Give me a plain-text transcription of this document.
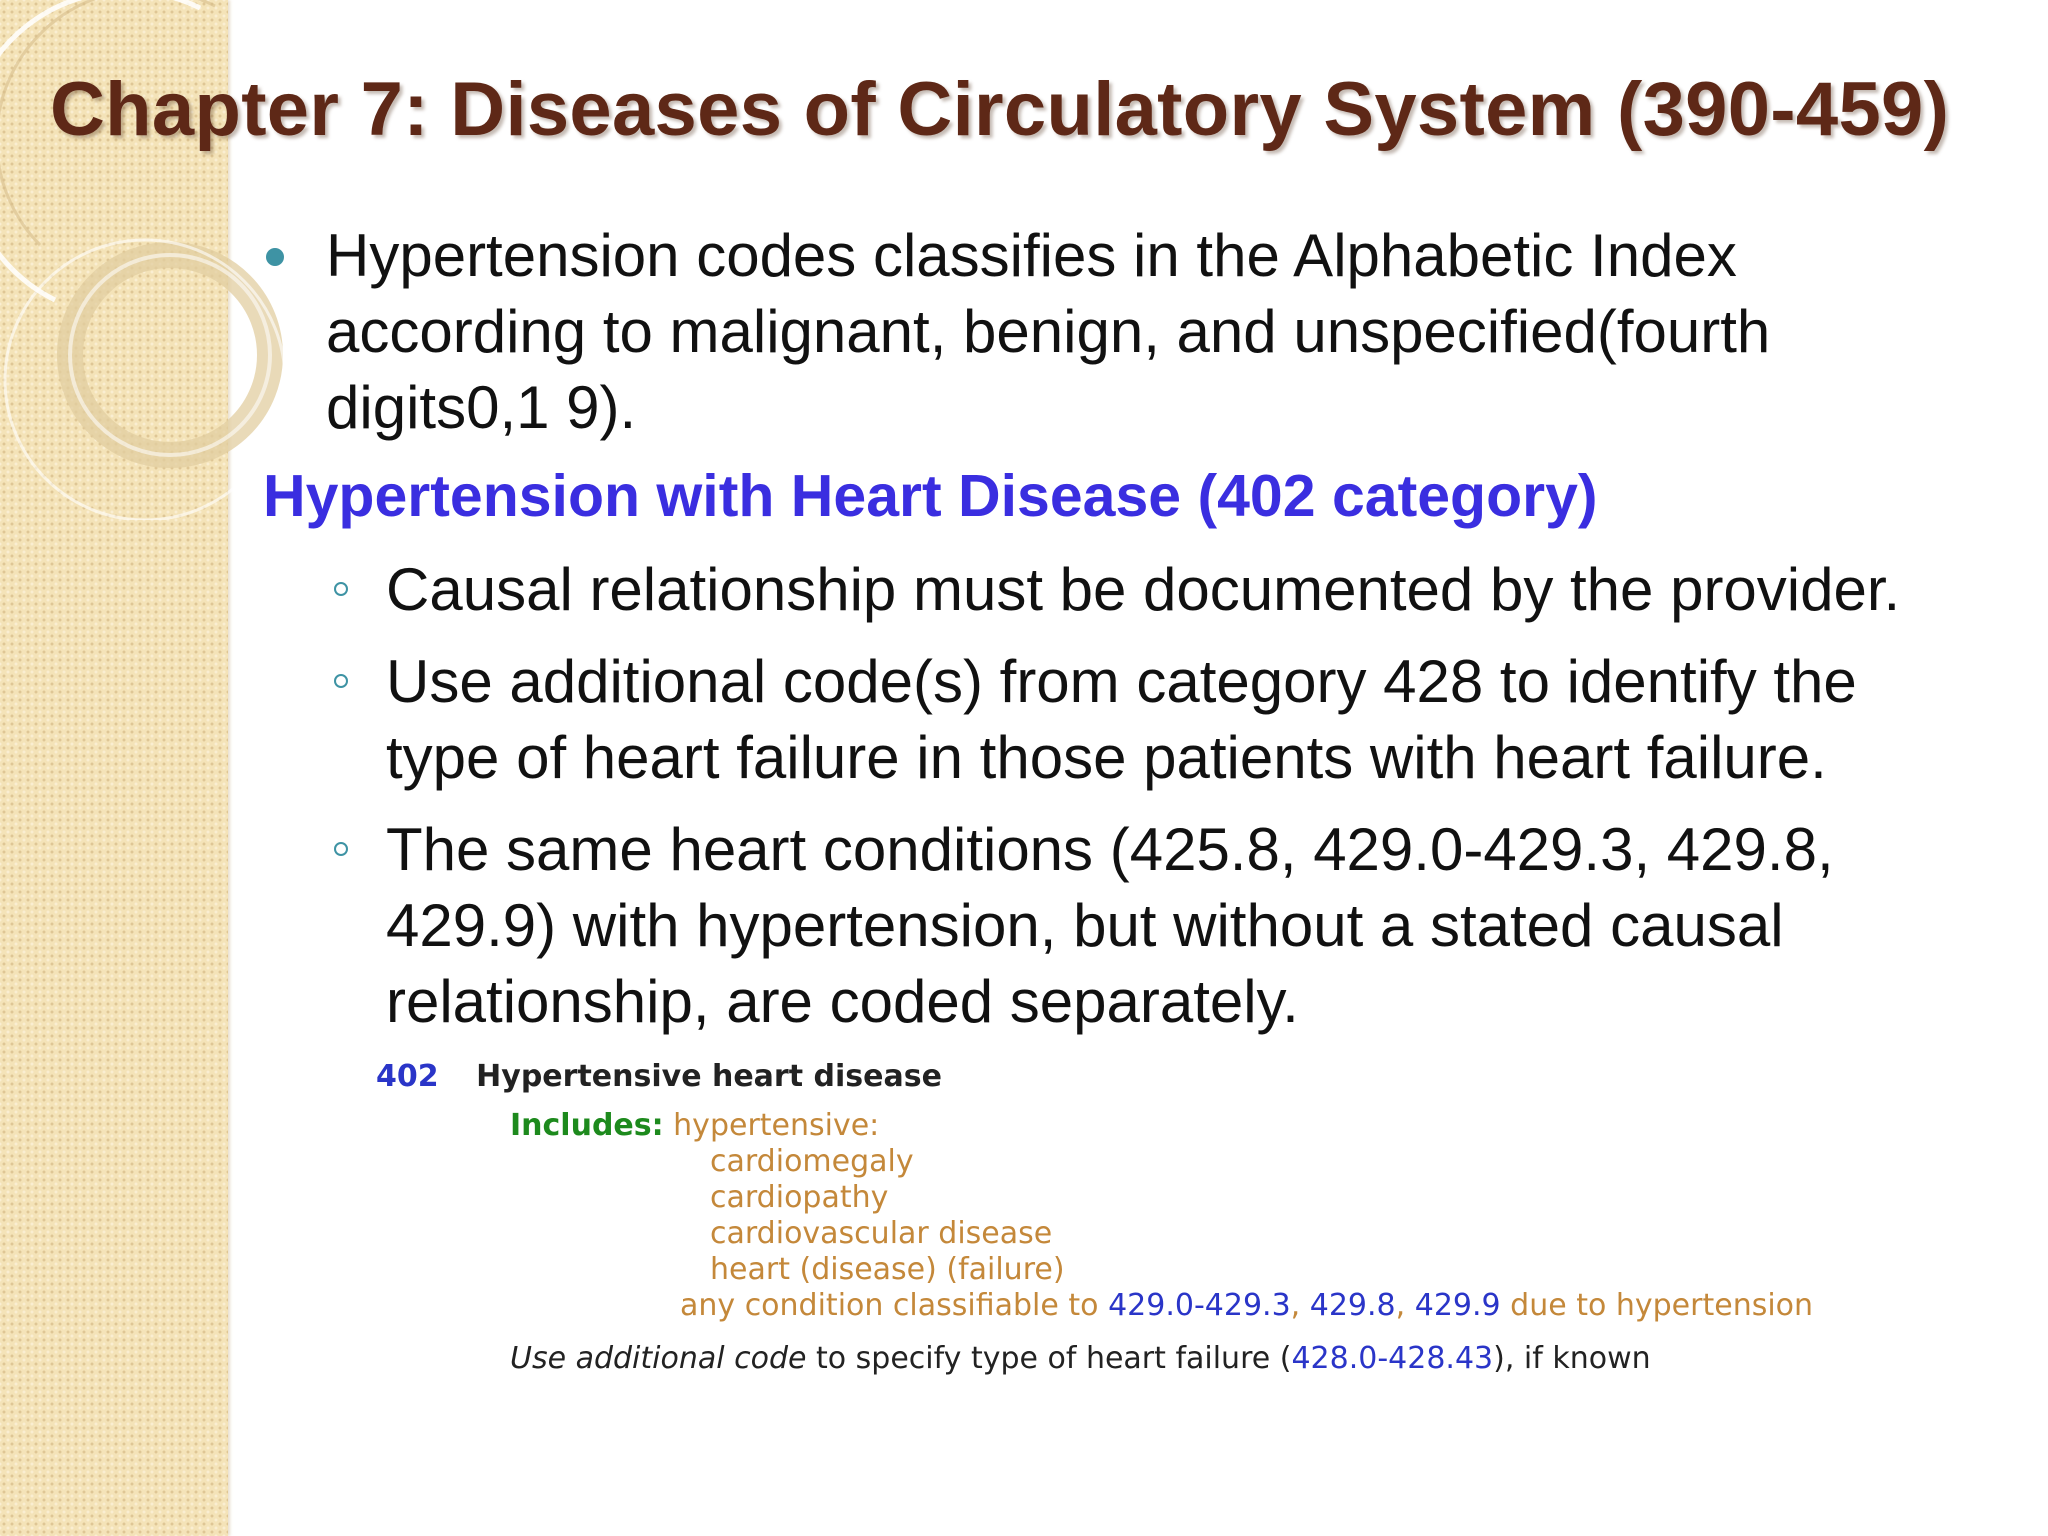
Chapter 7: Diseases of Circulatory System (390-459)
Hypertension codes classifies in the Alphabetic Index
according to malignant, benign, and unspecified(fourth
digits0,1 9).
Hypertension with Heart Disease (402 category)
Causal relationship must be documented by the provider.
Use additional code(s) from category 428 to identify the
type of heart failure in those patients with heart failure.
The same heart conditions (425.8, 429.0-429.3, 429.8,
429.9) with hypertension, but without a stated causal
relationship, are coded separately.
402 Hypertensive heart disease
Includes: hypertensive:
cardiomegaly
cardiopathy
cardiovascular disease
heart (disease) (failure)
any condition classifiable to 429.0-429.3, 429.8, 429.9 due to hypertension
Use additional code to specify type of heart failure (428.0-428.43), if known
